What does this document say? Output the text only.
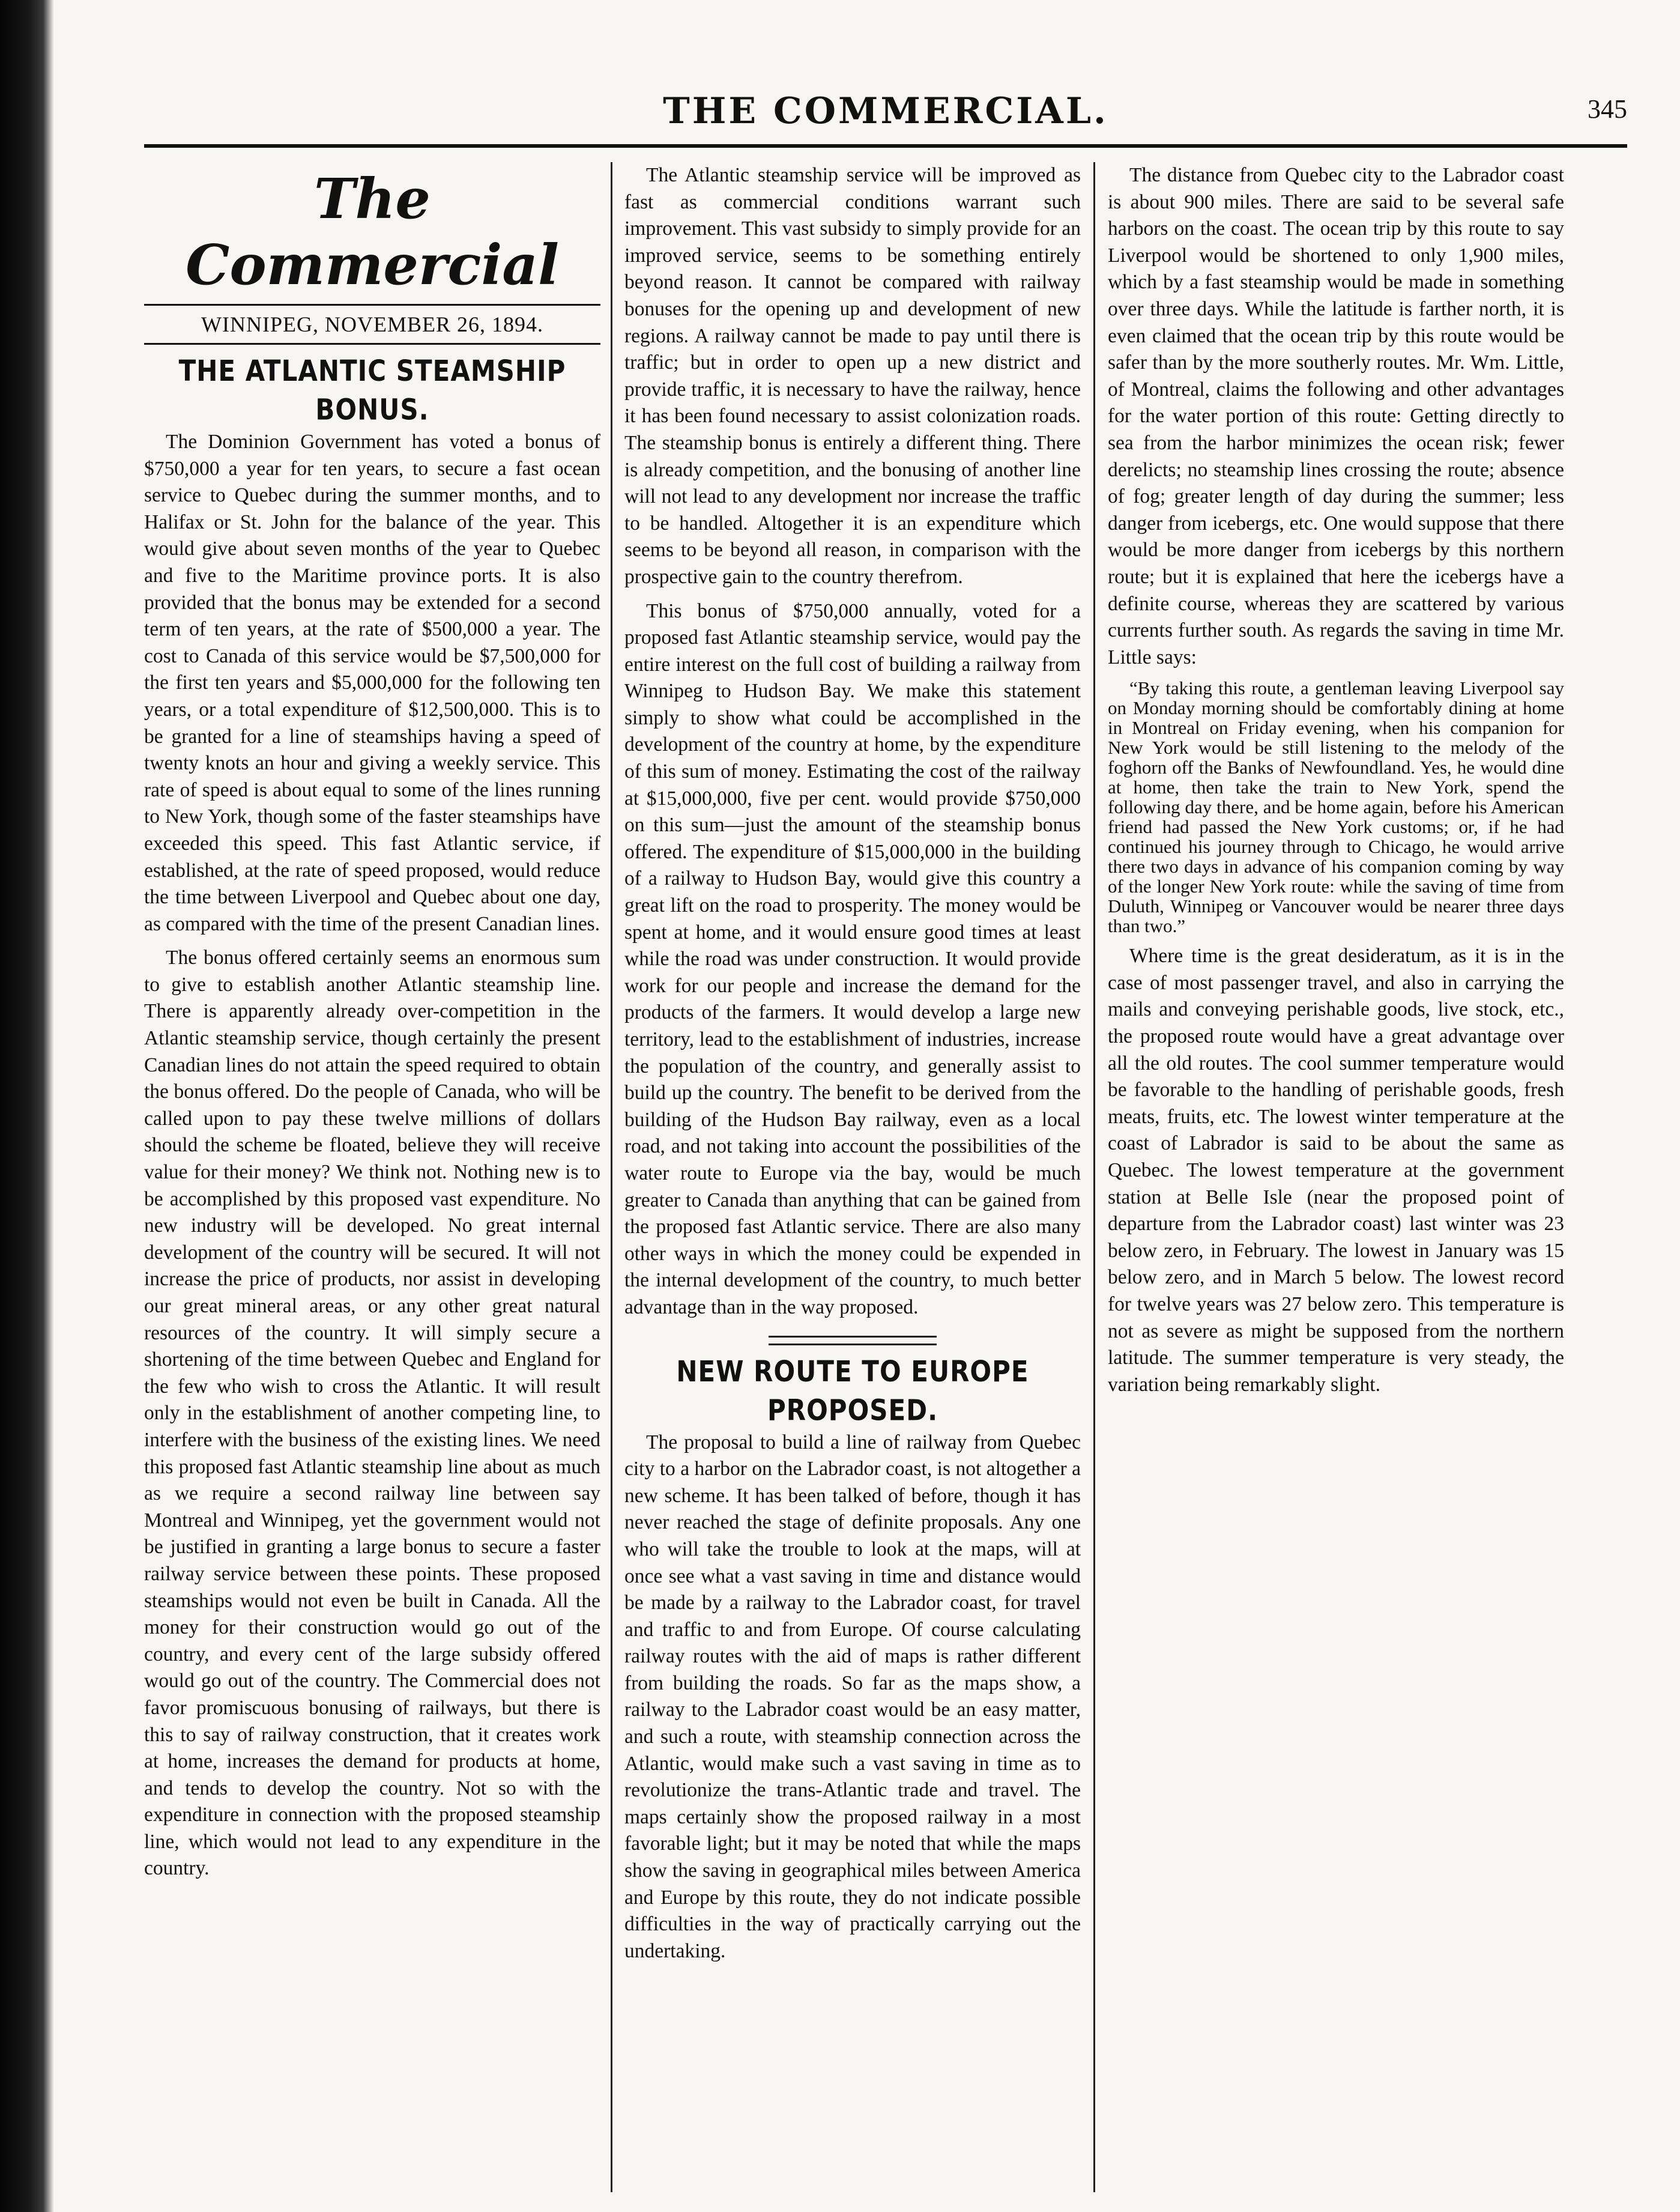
THE COMMERCIAL.	345
The Commercial
WINNIPEG, NOVEMBER 26, 1894.
THE ATLANTIC STEAMSHIP BONUS.

The Dominion Government has voted a bonus of $750,000 a year for ten years, to secure a fast ocean service to Quebec during the summer months, and to Halifax or St. John for the balance of the year. This would give about seven months of the year to Quebec and five to the Maritime province ports. It is also provided that the bonus may be extended for a second term of ten years, at the rate of $500,000 a year. The cost to Canada of this service would be $7,500,000 for the first ten years and $5,000,000 for the following ten years, or a total expenditure of $12,500,000. This is to be granted for a line of steamships having a speed of twenty knots an hour and giving a weekly service. This rate of speed is about equal to some of the lines running to New York, though some of the faster steamships have exceeded this speed. This fast Atlantic service, if established, at the rate of speed proposed, would reduce the time between Liverpool and Quebec about one day, as compared with the time of the present Canadian lines.

The bonus offered certainly seems an enormous sum to give to establish another Atlantic steamship line. There is apparently already over-competition in the Atlantic steamship service, though certainly the present Canadian lines do not attain the speed required to obtain the bonus offered. Do the people of Canada, who will be called upon to pay these twelve millions of dollars should the scheme be floated, believe they will receive value for their money? We think not. Nothing new is to be accomplished by this proposed vast expenditure. No new industry will be developed. No great internal development of the country will be secured. It will not increase the price of products, nor assist in developing our great mineral areas, or any other great natural resources of the country. It will simply secure a shortening of the time between Quebec and England for the few who wish to cross the Atlantic. It will result only in the establishment of another competing line, to interfere with the business of the existing lines. We need this proposed fast Atlantic steamship line about as much as we require a second railway line between say Montreal and Winnipeg, yet the government would not be justified in granting a large bonus to secure a faster railway service between these points. These proposed steamships would not even be built in Canada. All the money for their construction would go out of the country, and every cent of the large subsidy offered would go out of the country. The Commercial does not favor promiscuous bonusing of railways, but there is this to say of railway construction, that it creates work at home, increases the demand for products at home, and tends to develop the country. Not so with the expenditure in connection with the proposed steamship line, which would not lead to any expenditure in the country.

The Atlantic steamship service will be improved as fast as commercial conditions warrant such improvement. This vast subsidy to simply provide for an improved service, seems to be something entirely beyond reason. It cannot be compared with railway bonuses for the opening up and development of new regions. A railway cannot be made to pay until there is traffic; but in order to open up a new district and provide traffic, it is necessary to have the railway, hence it has been found necessary to assist colonization roads. The steamship bonus is entirely a different thing. There is already competition, and the bonusing of another line will not lead to any development nor increase the traffic to be handled. Altogether it is an expenditure which seems to be beyond all reason, in comparison with the prospective gain to the country therefrom.

This bonus of $750,000 annually, voted for a proposed fast Atlantic steamship service, would pay the entire interest on the full cost of building a railway from Winnipeg to Hudson Bay. We make this statement simply to show what could be accomplished in the development of the country at home, by the expenditure of this sum of money. Estimating the cost of the railway at $15,000,000, five per cent. would provide $750,000 on this sum—just the amount of the steamship bonus offered. The expenditure of $15,000,000 in the building of a railway to Hudson Bay, would give this country a great lift on the road to prosperity. The money would be spent at home, and it would ensure good times at least while the road was under construction. It would provide work for our people and increase the demand for the products of the farmers. It would develop a large new territory, lead to the establishment of industries, increase the population of the country, and generally assist to build up the country. The benefit to be derived from the building of the Hudson Bay railway, even as a local road, and not taking into account the possibilities of the water route to Europe via the bay, would be much greater to Canada than anything that can be gained from the proposed fast Atlantic service. There are also many other ways in which the money could be expended in the internal development of the country, to much better advantage than in the way proposed.

NEW ROUTE TO EUROPE PROPOSED.

The proposal to build a line of railway from Quebec city to a harbor on the Labrador coast, is not altogether a new scheme. It has been talked of before, though it has never reached the stage of definite proposals. Any one who will take the trouble to look at the maps, will at once see what a vast saving in time and distance would be made by a railway to the Labrador coast, for travel and traffic to and from Europe. Of course calculating railway routes with the aid of maps is rather different from building the roads. So far as the maps show, a railway to the Labrador coast would be an easy matter, and such a route, with steamship connection across the Atlantic, would make such a vast saving in time as to revolutionize the trans-Atlantic trade and travel. The maps certainly show the proposed railway in a most favorable light; but it may be noted that while the maps show the saving in geographical miles between America and Europe by this route, they do not indicate possible difficulties in the way of practically carrying out the undertaking.

The distance from Quebec city to the Labrador coast is about 900 miles. There are said to be several safe harbors on the coast. The ocean trip by this route to say Liverpool would be shortened to only 1,900 miles, which by a fast steamship would be made in something over three days. While the latitude is farther north, it is even claimed that the ocean trip by this route would be safer than by the more southerly routes. Mr. Wm. Little, of Montreal, claims the following and other advantages for the water portion of this route: Getting directly to sea from the harbor minimizes the ocean risk; fewer derelicts; no steamship lines crossing the route; absence of fog; greater length of day during the summer; less danger from icebergs, etc. One would suppose that there would be more danger from icebergs by this northern route; but it is explained that here the icebergs have a definite course, whereas they are scattered by various currents further south. As regards the saving in time Mr. Little says:

“By taking this route, a gentleman leaving Liverpool say on Monday morning should be comfortably dining at home in Montreal on Friday evening, when his companion for New York would be still listening to the melody of the foghorn off the Banks of Newfoundland. Yes, he would dine at home, then take the train to New York, spend the following day there, and be home again, before his American friend had passed the New York customs; or, if he had continued his journey through to Chicago, he would arrive there two days in advance of his companion coming by way of the longer New York route: while the saving of time from Duluth, Winnipeg or Vancouver would be nearer three days than two.”

Where time is the great desideratum, as it is in the case of most passenger travel, and also in carrying the mails and conveying perishable goods, live stock, etc., the proposed route would have a great advantage over all the old routes. The cool summer temperature would be favorable to the handling of perishable goods, fresh meats, fruits, etc. The lowest winter temperature at the coast of Labrador is said to be about the same as Quebec. The lowest temperature at the government station at Belle Isle (near the proposed point of departure from the Labrador coast) last winter was 23 below zero, in February. The lowest in January was 15 below zero, and in March 5 below. The lowest record for twelve years was 27 below zero. This temperature is not as severe as might be supposed from the northern latitude. The summer temperature is very steady, the variation being remarkably slight.
